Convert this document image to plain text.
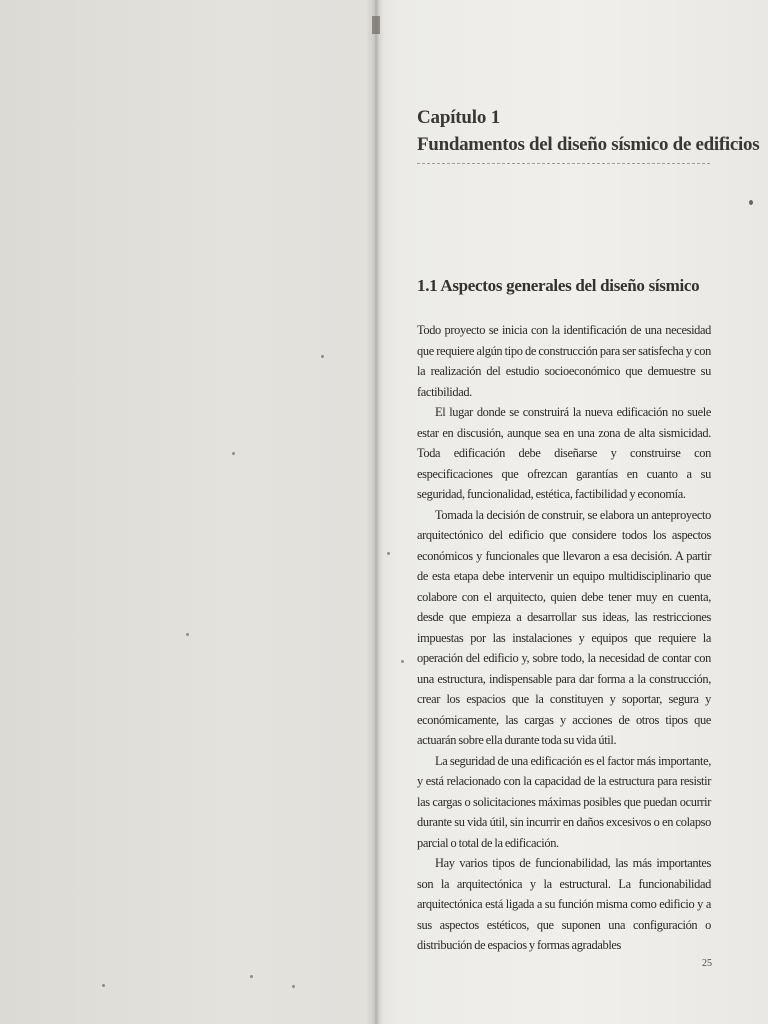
Capítulo 1
Fundamentos del diseño sísmico de edificios
1.1 Aspectos generales del diseño sísmico

Todo proyecto se inicia con la identificación de una necesidad que requiere algún tipo de construcción para ser satisfecha y con la realización del estudio socioeconómico que demuestre su factibilidad.

El lugar donde se construirá la nueva edificación no suele estar en discusión, aunque sea en una zona de alta sismicidad. Toda edificación debe diseñarse y construirse con especificaciones que ofrezcan garantías en cuanto a su seguridad, funcionalidad, estética, factibilidad y economía.

Tomada la decisión de construir, se elabora un anteproyecto arquitectónico del edificio que considere todos los aspectos económicos y funcionales que llevaron a esa decisión. A partir de esta etapa debe intervenir un equipo multidisciplinario que colabore con el arquitecto, quien debe tener muy en cuenta, desde que empieza a desarrollar sus ideas, las restricciones impuestas por las instalaciones y equipos que requiere la operación del edificio y, sobre todo, la necesidad de contar con una estructura, indispensable para dar forma a la construcción, crear los espacios que la constituyen y soportar, segura y económicamente, las cargas y acciones de otros tipos que actuarán sobre ella durante toda su vida útil.

La seguridad de una edificación es el factor más importante, y está relacionado con la capacidad de la estructura para resistir las cargas o solicitaciones máximas posibles que puedan ocurrir durante su vida útil, sin incurrir en daños excesivos o en colapso parcial o total de la edificación.

Hay varios tipos de funcionabilidad, las más importantes son la arquitectónica y la estructural. La funcionabilidad arquitectónica está ligada a su función misma como edificio y a sus aspectos estéticos, que suponen una configuración o distribución de espacios y formas agradables

25
